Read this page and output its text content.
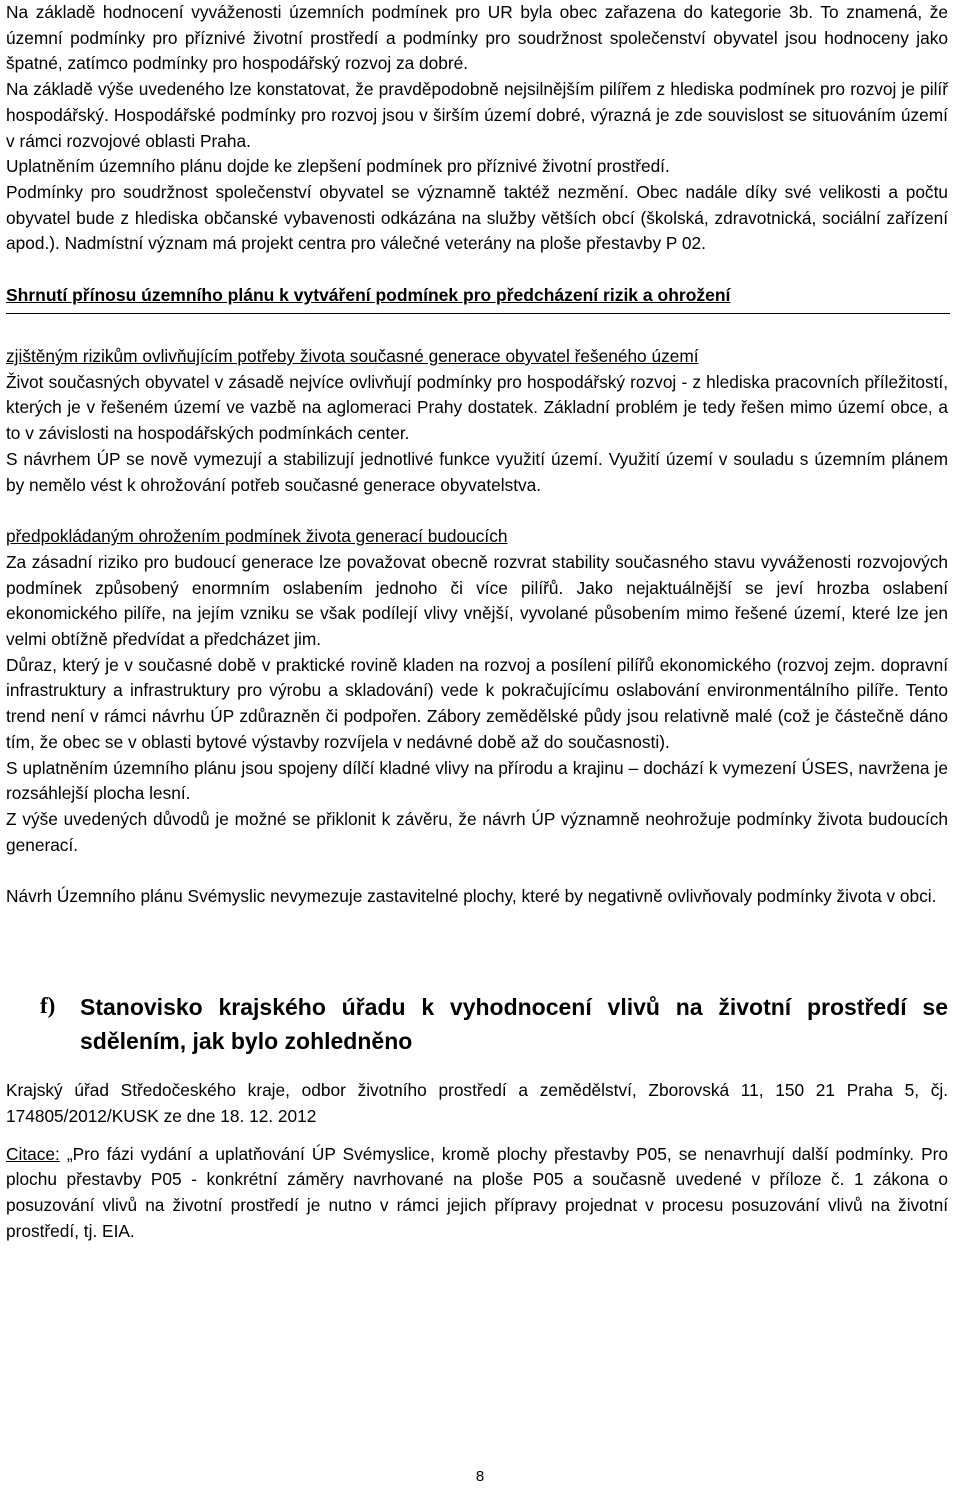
Na základě hodnocení vyváženosti územních podmínek pro UR byla obec zařazena do kategorie 3b. To znamená, že územní podmínky pro příznivé životní prostředí a podmínky pro soudržnost společenství obyvatel jsou hodnoceny jako špatné, zatímco podmínky pro hospodářský rozvoj za dobré.

Na základě výše uvedeného lze konstatovat, že pravděpodobně nejsilnějším pilířem z hlediska podmínek pro rozvoj je pilíř hospodářský. Hospodářské podmínky pro rozvoj jsou v širším území dobré, výrazná je zde souvislost se situováním území v rámci rozvojové oblasti Praha.

Uplatněním územního plánu dojde ke zlepšení podmínek pro příznivé životní prostředí.

Podmínky pro soudržnost společenství obyvatel se významně taktéž nezmění. Obec nadále díky své velikosti a počtu obyvatel bude z hlediska občanské vybavenosti odkázána na služby větších obcí (školská, zdravotnická, sociální zařízení apod.). Nadmístní význam má projekt centra pro válečné veterány na ploše přestavby P 02.

Shrnutí přínosu územního plánu k vytváření podmínek pro předcházení rizik a ohrožení

zjištěným rizikům ovlivňujícím potřeby života současné generace obyvatel řešeného území

Život současných obyvatel v zásadě nejvíce ovlivňují podmínky pro hospodářský rozvoj - z hlediska pracovních příležitostí, kterých je v řešeném území ve vazbě na aglomeraci Prahy dostatek. Základní problém je tedy řešen mimo území obce, a to v závislosti na hospodářských podmínkách center.

S návrhem ÚP se nově vymezují a stabilizují jednotlivé funkce využití území. Využití území v souladu s územním plánem by nemělo vést k ohrožování potřeb současné generace obyvatelstva.

předpokládaným ohrožením podmínek života generací budoucích

Za zásadní riziko pro budoucí generace lze považovat obecně rozvrat stability současného stavu vyváženosti rozvojových podmínek způsobený enormním oslabením jednoho či více pilířů. Jako nejaktuálnější se jeví hrozba oslabení ekonomického pilíře, na jejím vzniku se však podílejí vlivy vnější, vyvolané působením mimo řešené území, které lze jen velmi obtížně předvídat a předcházet jim.

Důraz, který je v současné době v praktické rovině kladen na rozvoj a posílení pilířů ekonomického (rozvoj zejm. dopravní infrastruktury a infrastruktury pro výrobu a skladování) vede k pokračujícímu oslabování environmentálního pilíře. Tento trend není v rámci návrhu ÚP zdůrazněn či podpořen. Zábory zemědělské půdy jsou relativně malé (což je částečně dáno tím, že obec se v oblasti bytové výstavby rozvíjela v nedávné době až do současnosti).

S uplatněním územního plánu jsou spojeny dílčí kladné vlivy na přírodu a krajinu – dochází k vymezení ÚSES, navržena je rozsáhlejší plocha lesní.

Z výše uvedených důvodů je možné se přiklonit k závěru, že návrh ÚP významně neohrožuje podmínky života budoucích generací.

Návrh Územního plánu Svémyslic nevymezuje zastavitelné plochy, které by negativně ovlivňovaly podmínky života v obci.

f)	Stanovisko krajského úřadu k vyhodnocení vlivů na životní prostředí se sdělením, jak bylo zohledněno

Krajský úřad Středočeského kraje, odbor životního prostředí a zemědělství, Zborovská 11, 150 21 Praha 5, čj. 174805/2012/KUSK ze dne 18. 12. 2012

Citace: „Pro fázi vydání a uplatňování ÚP Svémyslice, kromě plochy přestavby P05, se nenavrhují další podmínky. Pro plochu přestavby P05 - konkrétní záměry navrhované na ploše P05 a současně uvedené v příloze č. 1 zákona o posuzování vlivů na životní prostředí je nutno v rámci jejich přípravy projednat v procesu posuzování vlivů na životní prostředí, tj. EIA.

8
